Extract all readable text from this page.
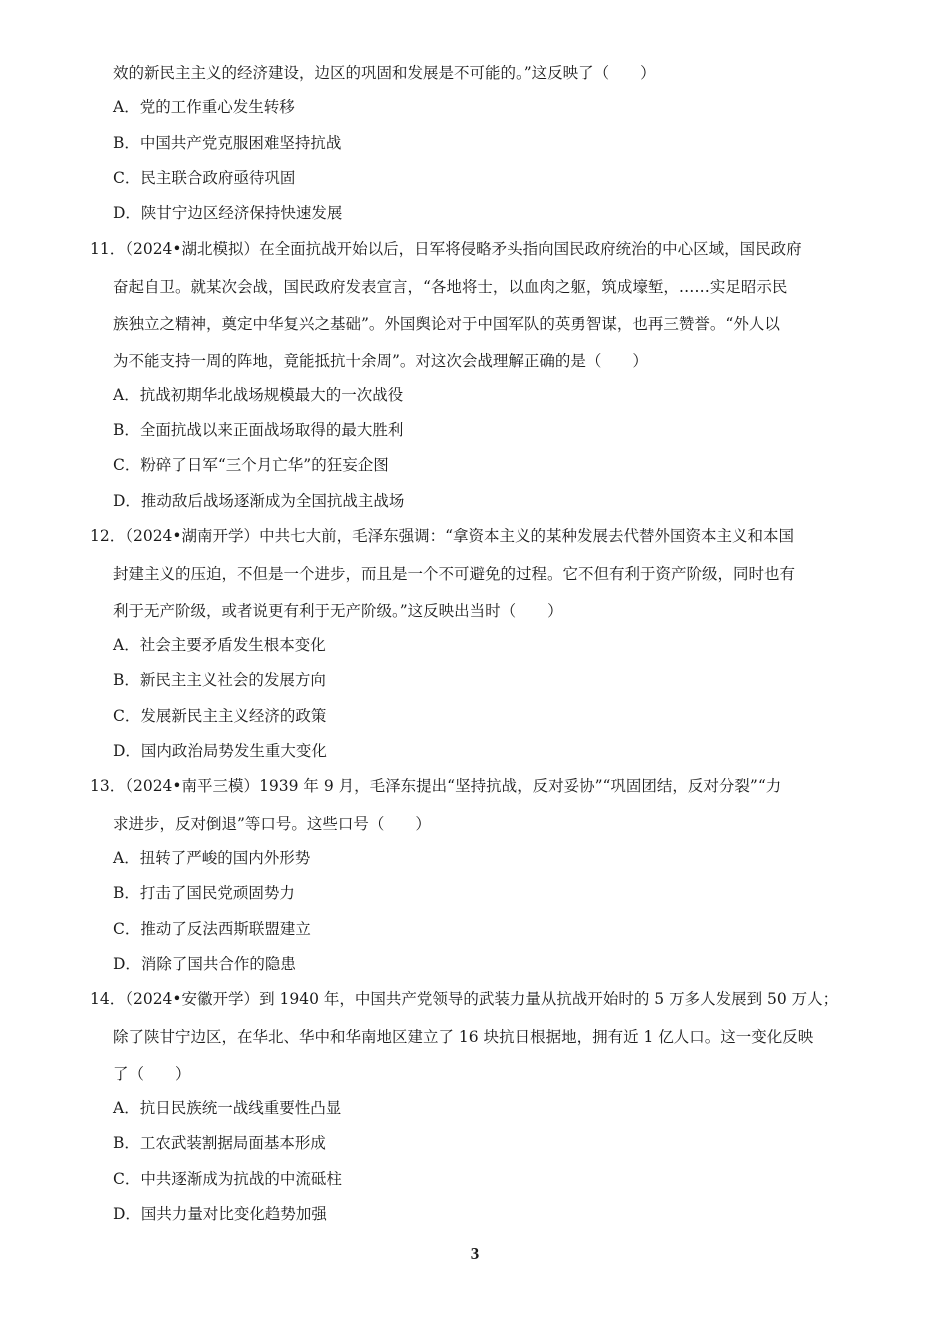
效的新民主主义的经济建设，边区的巩固和发展是不可能的。”这反映了（　　）
A．党的工作重心发生转移
B．中国共产党克服困难坚持抗战
C．民主联合政府亟待巩固
D．陕甘宁边区经济保持快速发展
11．（2024•湖北模拟）在全面抗战开始以后，日军将侵略矛头指向国民政府统治的中心区域，国民政府
奋起自卫。就某次会战，国民政府发表宣言，“各地将士，以血肉之躯，筑成壕堑，……实足昭示民
族独立之精神，奠定中华复兴之基础”。外国舆论对于中国军队的英勇智谋，也再三赞誉。“外人以
为不能支持一周的阵地，竟能抵抗十余周”。对这次会战理解正确的是（　　）
A．抗战初期华北战场规模最大的一次战役
B．全面抗战以来正面战场取得的最大胜利
C．粉碎了日军“三个月亡华”的狂妄企图
D．推动敌后战场逐渐成为全国抗战主战场
12．（2024•湖南开学）中共七大前，毛泽东强调：“拿资本主义的某种发展去代替外国资本主义和本国
封建主义的压迫，不但是一个进步，而且是一个不可避免的过程。它不但有利于资产阶级，同时也有
利于无产阶级，或者说更有利于无产阶级。”这反映出当时（　　）
A．社会主要矛盾发生根本变化
B．新民主主义社会的发展方向
C．发展新民主主义经济的政策
D．国内政治局势发生重大变化
13．（2024•南平三模）1939 年 9 月，毛泽东提出“坚持抗战，反对妥协”“巩固团结，反对分裂”“力
求进步，反对倒退”等口号。这些口号（　　）
A．扭转了严峻的国内外形势
B．打击了国民党顽固势力
C．推动了反法西斯联盟建立
D．消除了国共合作的隐患
14．（2024•安徽开学）到 1940 年，中国共产党领导的武装力量从抗战开始时的 5 万多人发展到 50 万人；
除了陕甘宁边区，在华北、华中和华南地区建立了 16 块抗日根据地，拥有近 1 亿人口。这一变化反映
了（　　）
A．抗日民族统一战线重要性凸显
B．工农武装割据局面基本形成
C．中共逐渐成为抗战的中流砥柱
D．国共力量对比变化趋势加强
3
